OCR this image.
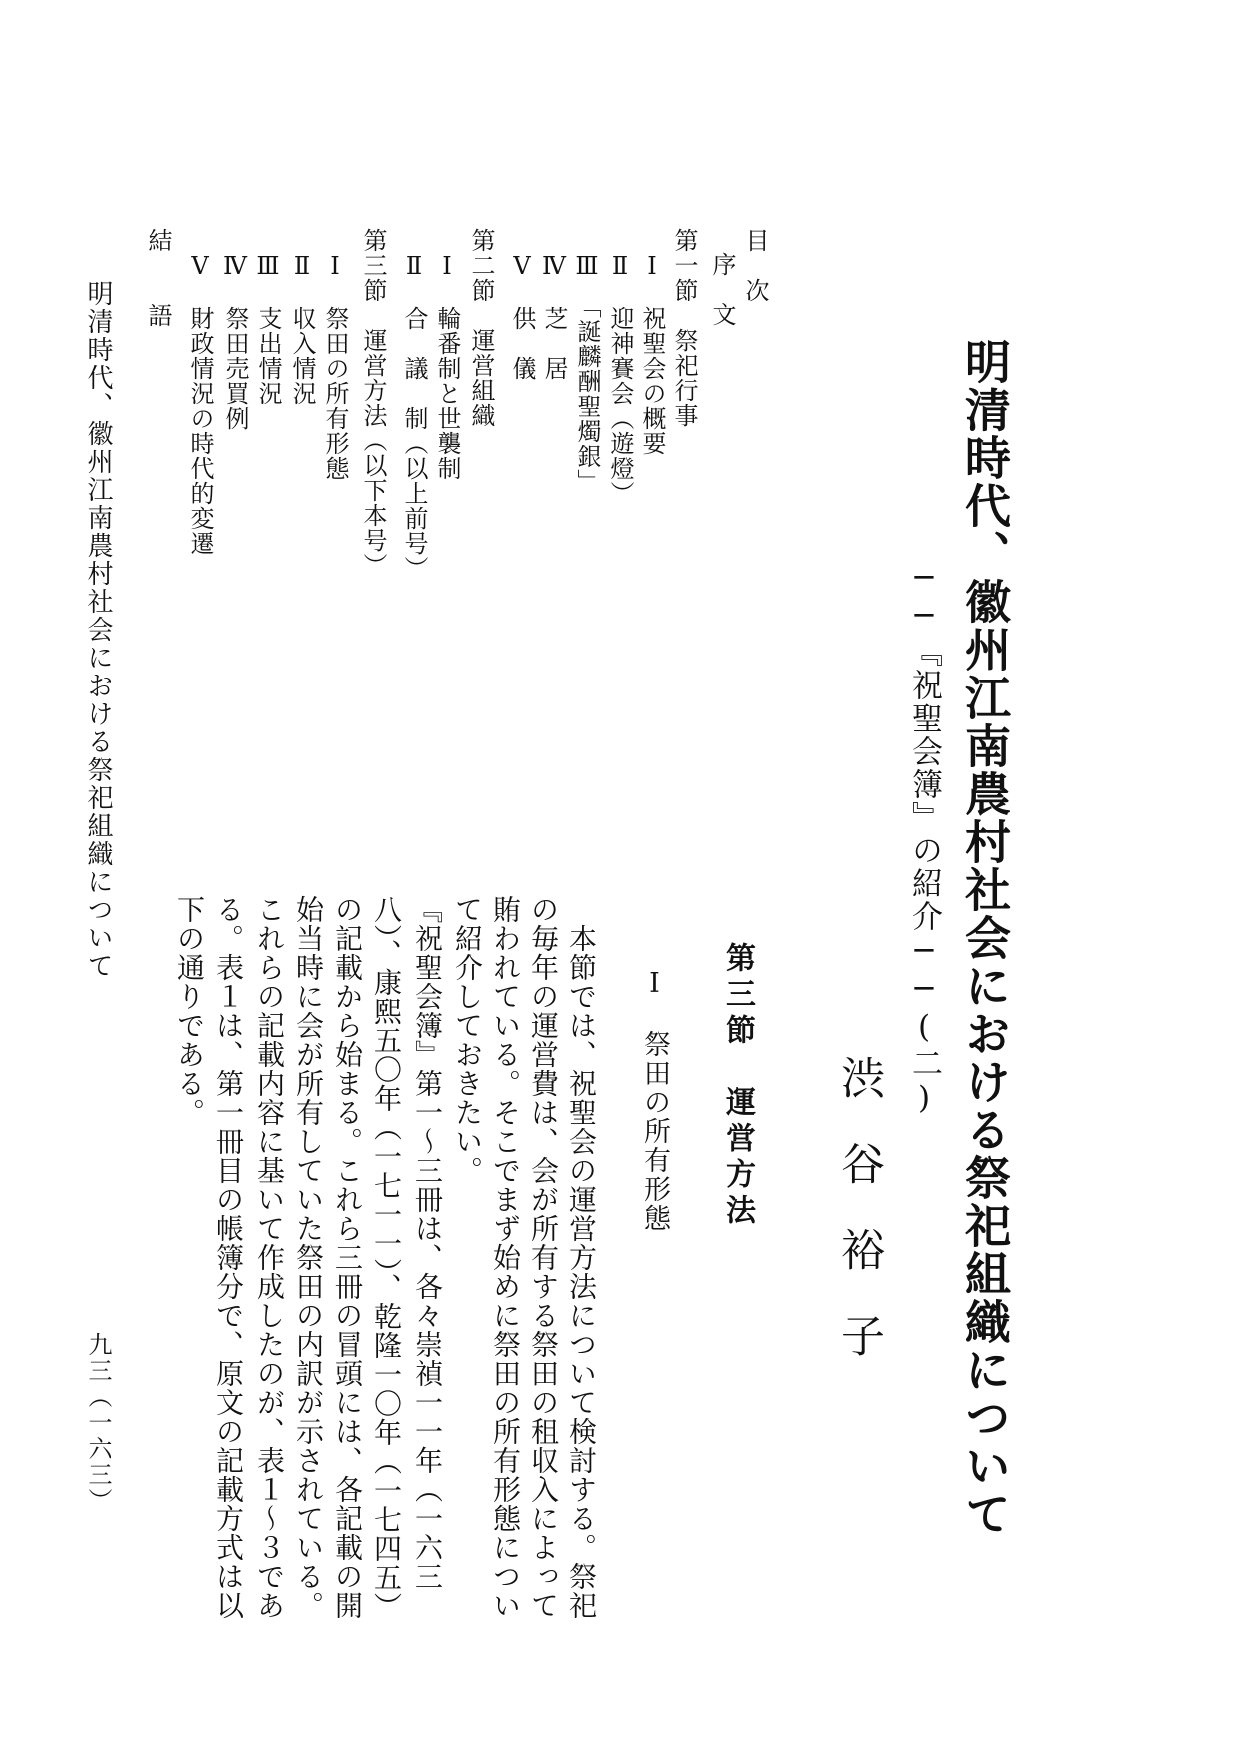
明清時代、徽州江南農村社会における祭祀組織について
──『祝聖会簿』の紹介──(二)
渋谷裕子
第三節　運営方法
Ⅰ　祭田の所有形態
　本節では、祝聖会の運営方法について検討する。祭祀
の毎年の運営費は、会が所有する祭田の租収入によって
賄われている。そこでまず始めに祭田の所有形態につい
て紹介しておきたい。
『祝聖会簿』第一〜三冊は、各々崇禎一一年（一六三
八）、康熙五〇年（一七一一）、乾隆一〇年（一七四五）
の記載から始まる。これら三冊の冒頭には、各記載の開
始当時に会が所有していた祭田の内訳が示されている。
これらの記載内容に基いて作成したのが、表１〜３であ
る。表１は、第一冊目の帳簿分で、原文の記載方式は以
下の通りである。
目　次
序　文
第一節　祭祀行事
Ⅰ　祝聖会の概要
Ⅱ　迎神賽会（遊燈）
Ⅲ　「誕麟酬聖燭銀」
Ⅳ　芝　居
Ⅴ　供　儀
第二節　運営組織
Ⅰ　輪番制と世襲制
Ⅱ　合　議　制（以上前号）
第三節　運営方法（以下本号）
Ⅰ　祭田の所有形態
Ⅱ　収入情況
Ⅲ　支出情況
Ⅳ　祭田売買例
Ⅴ　財政情況の時代的変遷
結　　語
明清時代、徽州江南農村社会における祭祀組織について
九三（一六三）
